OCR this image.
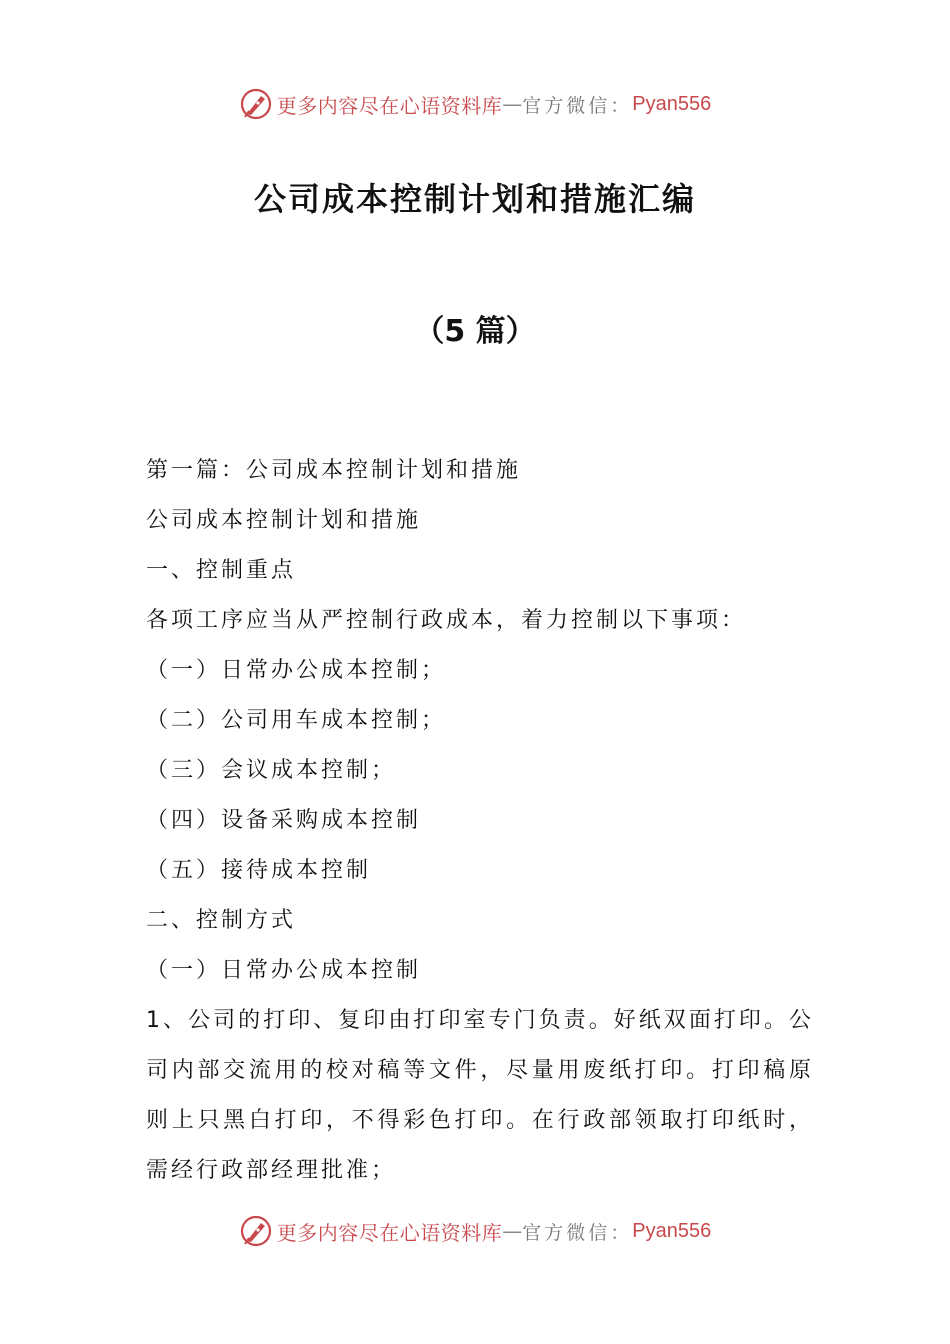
更多内容尽在心语资料库 — 官方微信： Pyan556
公司成本控制计划和措施汇编
（5 篇）
第一篇：公司成本控制计划和措施
公司成本控制计划和措施
一、控制重点
各项工序应当从严控制行政成本，着力控制以下事项：
（一）日常办公成本控制；
（二）公司用车成本控制；
（三）会议成本控制；
（四）设备采购成本控制
（五）接待成本控制
二、控制方式
（一）日常办公成本控制

1、公司的打印、复印由打印室专门负责。好纸双面打印。公司内部交流用的校对稿等文件，尽量用废纸打印。打印稿原则上只黑白打印，不得彩色打印。在行政部领取打印纸时，需经行政部经理批准；

更多内容尽在心语资料库 — 官方微信： Pyan556
